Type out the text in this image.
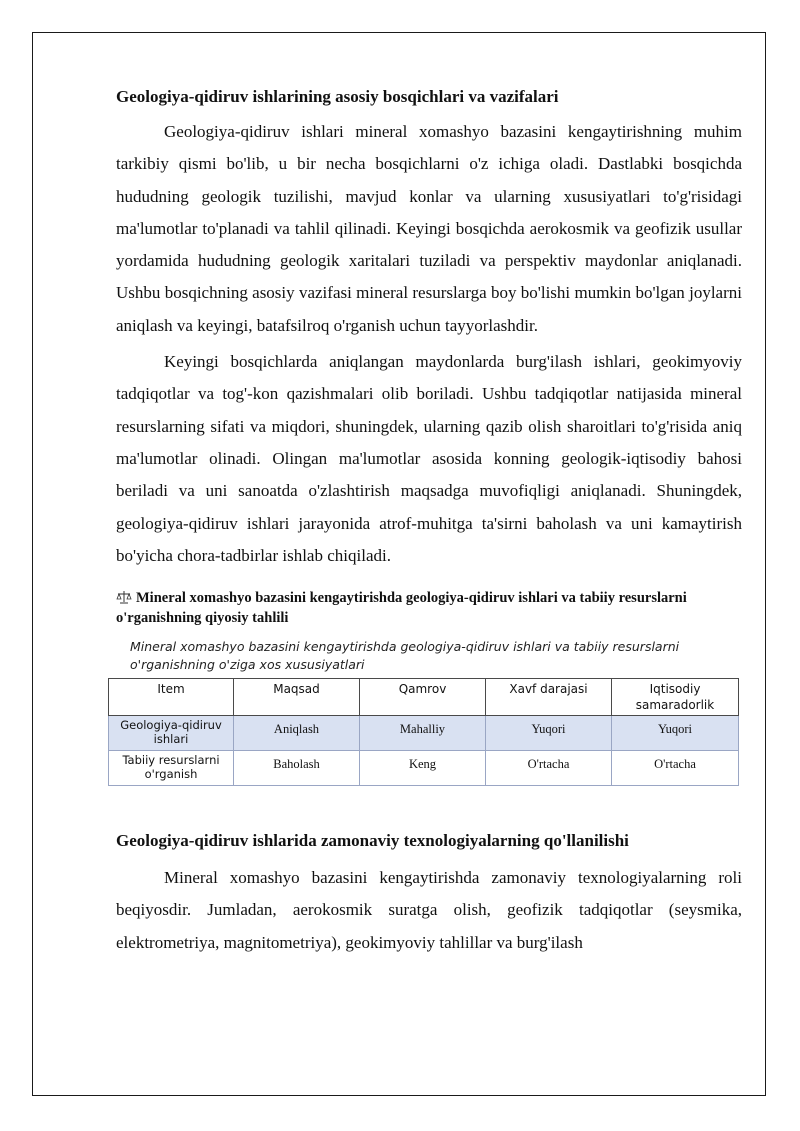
Geologiya-qidiruv ishlarining asosiy bosqichlari va vazifalari

Geologiya-qidiruv ishlari mineral xomashyo bazasini kengaytirishning muhim tarkibiy qismi bo'lib, u bir necha bosqichlarni o'z ichiga oladi. Dastlabki bosqichda hududning geologik tuzilishi, mavjud konlar va ularning xususiyatlari to'g'risidagi ma'lumotlar to'planadi va tahlil qilinadi. Keyingi bosqichda aerokosmik va geofizik usullar yordamida hududning geologik xaritalari tuziladi va perspektiv maydonlar aniqlanadi. Ushbu bosqichning asosiy vazifasi mineral resurslarga boy bo'lishi mumkin bo'lgan joylarni aniqlash va keyingi, batafsilroq o'rganish uchun tayyorlashdir.

Keyingi bosqichlarda aniqlangan maydonlarda burg'ilash ishlari, geokimyoviy tadqiqotlar va tog'-kon qazishmalari olib boriladi. Ushbu tadqiqotlar natijasida mineral resurslarning sifati va miqdori, shuningdek, ularning qazib olish sharoitlari to'g'risida aniq ma'lumotlar olinadi. Olingan ma'lumotlar asosida konning geologik-iqtisodiy bahosi beriladi va uni sanoatda o'zlashtirish maqsadga muvofiqligi aniqlanadi. Shuningdek, geologiya-qidiruv ishlari jarayonida atrof-muhitga ta'sirni baholash va uni kamaytirish bo'yicha chora-tadbirlar ishlab chiqiladi.

Mineral xomashyo bazasini kengaytirishda geologiya-qidiruv ishlari va tabiiy resurslarni o'rganishning qiyosiy tahlili
Mineral xomashyo bazasini kengaytirishda geologiya-qidiruv ishlari va tabiiy resurslarni o'rganishning o'ziga xos xususiyatlari
Item	Maqsad	Qamrov	Xavf darajasi	Iqtisodiy samaradorlik
Geologiya-qidiruv ishlari	Aniqlash	Mahalliy	Yuqori	Yuqori
Tabiiy resurslarni o'rganish	Baholash	Keng	O'rtacha	O'rtacha
Geologiya-qidiruv ishlarida zamonaviy texnologiyalarning qo'llanilishi

Mineral xomashyo bazasini kengaytirishda zamonaviy texnologiyalarning roli beqiyosdir. Jumladan, aerokosmik suratga olish, geofizik tadqiqotlar (seysmika, elektrometriya, magnitometriya), geokimyoviy tahlillar va burg'ilash
